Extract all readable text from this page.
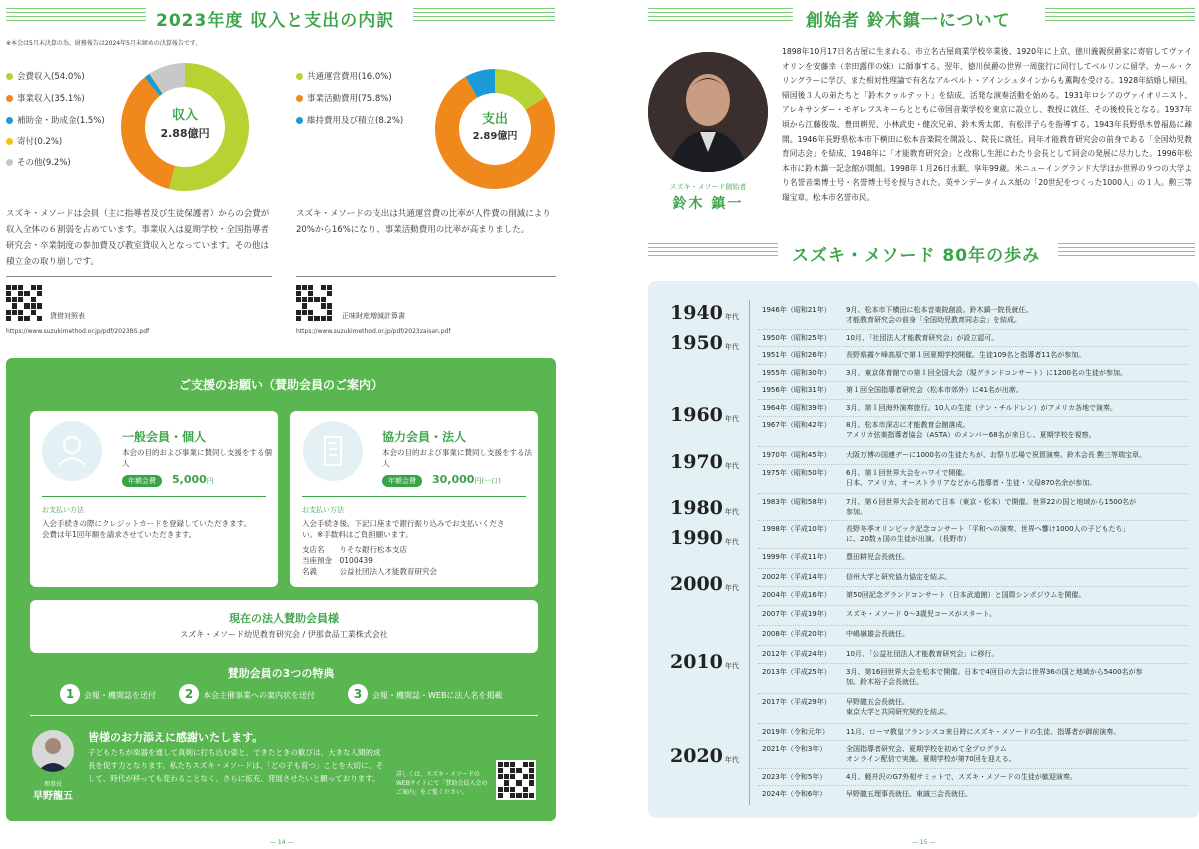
2023年度 収入と支出の内訳
※本会は5月末決算の為、財務報告は2024年5月末締めの決算報告です。
会費収入(54.0%)
事業収入(35.1%)
補助金・助成金(1.5%)
寄付(0.2%)
その他(9.2%)
収入
2.88億円
共通運営費用(16.0%)
事業活動費用(75.8%)
維持費用及び積立(8.2%)	支出
2.89億円
スズキ・メソードは会員（主に指導者及び生徒保護者）からの会費が収入全体の６割弱を占めています。事業収入は夏期学校・全国指導者研究会・卒業制度の参加費及び教室貸収入となっています。その他は積立金の取り崩しです。
スズキ・メソードの支出は共通運営費の比率が人件費の削減により20%から16%になり、事業活動費用の比率が高まりました。
貸借対照表
https://www.suzukimethod.or.jp/pdf/2023BS.pdf
正味財産増減計算書
https://www.suzukimethod.or.jp/pdf/2023zaisan.pdf
ご支援のお願い（賛助会員のご案内）
一般会員・個人
本会の目的および事業に賛同し支援をする個人
年額会費	5,000円
お支払い方法
入会手続きの際にクレジットカードを登録していただきます。
会費は年1回年額を請求させていただきます。
協力会員・法人
本会の目的および事業に賛同し支援をする法人
年額会費	30,000円(一口)
お支払い方法
入会手続き後、下記口座まで銀行振り込みでお支払いくださ
い。※手数料はご負担願います。
支店名　　りそな銀行松本支店
当座預金　0100439
名義　　　公益社団法人才能教育研究会
現在の法人賛助会員様
スズキ・メソード幼児教育研究会 / 伊那食品工業株式会社
賛助会員の3つの特典
1	会報・機関誌を送付	2	本会主催事業への案内状を送付	3	会報・機関誌・WEBに法人名を掲載
理事長
早野龍五
皆様のお力添えに感謝いたします。
子どもたちが楽器を通して真剣に打ち込む姿と、できたときの歓びは、大きな人間的成長を促す力となります。私たちスズキ・メソードは、「どの子も育つ」ことを大切に、そして、時代が移っても変わることなく、さらに拡充、発展させたいと願っております。	詳しくは、スズキ・メソードのWEBサイトにて「賛助会員入会のご案内」をご覧ください。
— 14 —
創始者 鈴木鎮一について
スズキ・メソード創始者
鈴木 鎮一
1898年10月17日名古屋に生まれる。市立名古屋商業学校卒業後、1920年に上京、徳川義親侯爵家に寄宿してヴァイオリンを安藤幸（幸田露伴の妹）に師事する。翌年、徳川侯爵の世界一周旅行に同行してベルリンに留学。カール・クリングラーに学び、また相対性理論で有名なアルベルト・アインシュタインからも薫陶を受ける。1928年結婚し帰国。帰国後３人の弟たちと「鈴木クヮルテット」を結成、活発な演奏活動を始める。1931年ロシアのヴァイオリニスト、アレキサンダー・モギレフスキーらとともに帝国音楽学校を東京に設立し、教授に就任、その後校長となる。1937年頃から江藤俊哉、豊田耕児、小林武史・健次兄弟、鈴木秀太郎、有松洋子らを指導する。1943年長野県木曽福島に疎開。1946年長野県松本市下横田に松本音楽院を開設し、院長に就任。同年才能教育研究会の前身である「全国幼児教育同志会」を結成、1948年に「才能教育研究会」と改称し生涯にわたり会長として同会の発展に尽力した。1996年松本市に鈴木鎮一記念館が開館。1998年１月26日永眠。享年99歳。米ニューイングランド大学ほか世界の９つの大学より名誉音楽博士号・名誉博士号を授与された。英サンデータイムス紙の「20世紀をつくった1000人」の１人。勲三等瑞宝章。松本市名誉市民。
スズキ・メソード 80年の歩み
1940 年代
1950 年代
1960 年代
1970 年代
1980 年代
1990 年代
2000 年代
2010 年代
2020 年代
1946年（昭和21年） 9月、松本市下横田に松本音楽院創設。鈴木鎮一院長就任。
才能教育研究会の前身「全国幼児教育同志会」を結成。
1950年（昭和25年） 10月、「社団法人才能教育研究会」が設立認可。
1951年（昭和26年） 長野県霧ケ峰高原で第１回夏期学校開催。生徒109名と指導者11名が参加。
1955年（昭和30年） 3月、東京体育館での第１回全国大会（現グランドコンサート）に1200名の生徒が参加。
1956年（昭和31年） 第１回全国指導者研究会（松本市郊外）に41名が出席。
1964年（昭和39年） 3月、第１回海外演奏旅行。10人の生徒（テン・チルドレン）がアメリカ各地で演奏。
1967年（昭和42年） 8月、松本市深志に才能教育会館落成。
アメリカ弦楽指導者協会（ASTA）のメンバー68名が来日し、夏期学校を視察。
1970年（昭和45年） 大阪万博の国連デーに1000名の生徒たちが、お祭り広場で祝賀演奏。鈴木会長 勲三等瑞宝章。
1975年（昭和50年） 6月、第１回世界大会をハワイで開催。
日本、アメリカ、オーストラリアなどから指導者・生徒・父母870名余が参加。
1983年（昭和58年） 7月、第６回世界大会を初めて日本（東京・松本）で開催。世界22の国と地域から1500名が
参加。
1998年（平成10年） 長野冬季オリンピック記念コンサート「平和への演奏、世界へ響け1000人の子どもたち」
に、20数ヵ国の生徒が出演。（長野市）
1999年（平成11年） 豊田耕児会長就任。
2002年（平成14年） 信州大学と研究協力協定を結ぶ。
2004年（平成16年） 第50回記念グランドコンサート（日本武道館）と国際シンポジウムを開催。
2007年（平成19年） スズキ・メソード 0〜3歳児コースがスタート。
2008年（平成20年） 中嶋嶺雄会長就任。
2012年（平成24年） 10月、「公益社団法人才能教育研究会」に移行。
2013年（平成25年） 3月、第16回世界大会を松本で開催。日本で4回目の大会に世界36の国と地域から5400名が参
加。鈴木裕子会長就任。
2017年（平成29年） 早野龍五会長就任。
東京大学と共同研究契約を結ぶ。
2019年（令和元年） 11月、ローマ教皇フランシスコ来日時にスズキ・メソードの生徒、指導者が御前演奏。
2021年（令和3年）	全国指導者研究会、夏期学校を初めて全プログラム
オンライン配信で実施。夏期学校が第70回を迎える。
2023年（令和5年）	4月、軽井沢のG7外相サミットで、スズキ・メソードの生徒が歓迎演奏。
2024年（令和6年）	早野龍五理事長就任。東誠三会長就任。
— 15 —
